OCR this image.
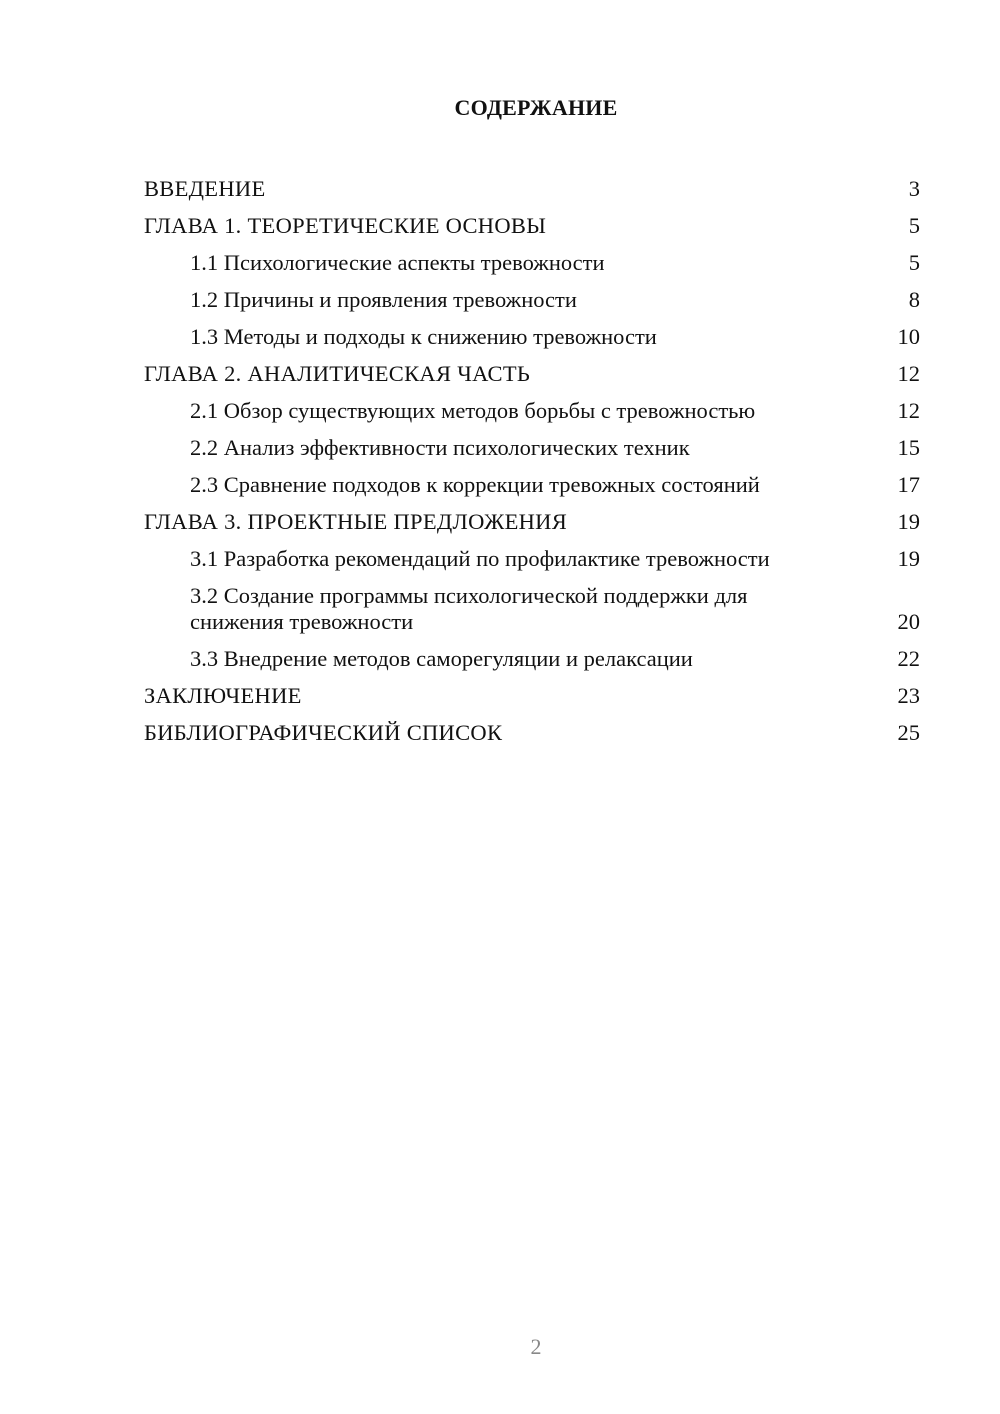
СОДЕРЖАНИЕ
ВВЕДЕНИЕ	3
ГЛАВА 1. ТЕОРЕТИЧЕСКИЕ ОСНОВЫ	5
1.1 Психологические аспекты тревожности	5
1.2 Причины и проявления тревожности	8
1.3 Методы и подходы к снижению тревожности	10
ГЛАВА 2. АНАЛИТИЧЕСКАЯ ЧАСТЬ	12
2.1 Обзор существующих методов борьбы с тревожностью	12
2.2 Анализ эффективности психологических техник	15
2.3 Сравнение подходов к коррекции тревожных состояний	17
ГЛАВА 3. ПРОЕКТНЫЕ ПРЕДЛОЖЕНИЯ	19
3.1 Разработка рекомендаций по профилактике тревожности	19
3.2 Создание программы психологической поддержки для снижения тревожности	20
3.3 Внедрение методов саморегуляции и релаксации	22
ЗАКЛЮЧЕНИЕ	23
БИБЛИОГРАФИЧЕСКИЙ СПИСОК	25
2
